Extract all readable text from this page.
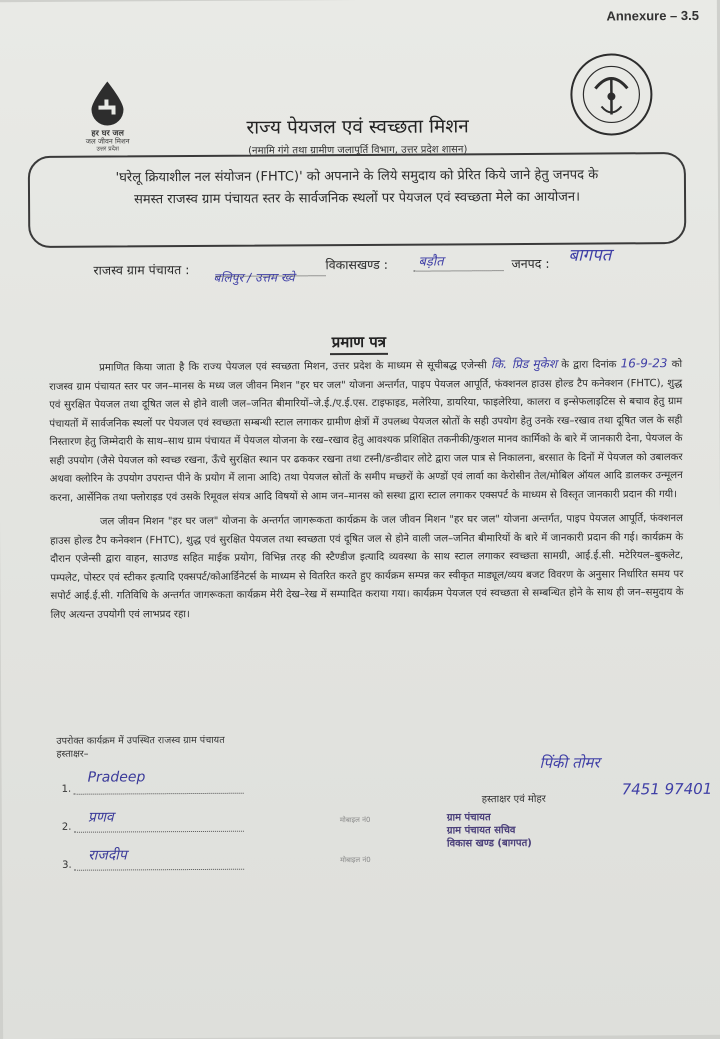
Annexure – 3.5
हर घर जल
जल जीवन मिशन
उत्तर प्रदेश
राज्य पेयजल एवं स्वच्छता मिशन
(नमामि गंगे तथा ग्रामीण जलापूर्ति विभाग, उत्तर प्रदेश शासन)
'घरेलू क्रियाशील नल संयोजन (FHTC)' को अपनाने के लिये समुदाय को प्रेरित किये जाने हेतु जनपद के
समस्त राजस्व ग्राम पंचायत स्तर के सार्वजनिक स्थलों पर पेयजल एवं स्वच्छता मेले का आयोजन।
राजस्व ग्राम पंचायत :
बलिपुर / उत्तम ख्वे
विकासखण्ड : बड़ौत	जनपद : बागपत
प्रमाण पत्र

प्रमाणित किया जाता है कि राज्य पेयजल एवं स्वच्छता मिशन, उत्तर प्रदेश के माध्यम से सूचीबद्ध एजेन्सी कि. प्रिड मुकेश के द्वारा दिनांक 16-9-23 को राजस्व ग्राम पंचायत स्तर पर जन–मानस के मध्य जल जीवन मिशन "हर घर जल" योजना अन्तर्गत, पाइप पेयजल आपूर्ति, फंक्शनल हाउस होल्ड टैप कनेक्शन (FHTC), शुद्ध एवं सुरक्षित पेयजल तथा दूषित जल से होने वाली जल–जनित बीमारियों–जे.ई./ए.ई.एस. टाइफाइड, मलेरिया, डायरिया, फाइलेरिया, कालरा व इन्सेफलाइटिस से बचाव हेतु ग्राम पंचायतों में सार्वजनिक स्थलों पर पेयजल एवं स्वच्छता सम्बन्धी स्टाल लगाकर ग्रामीण क्षेत्रों में उपलब्ध पेयजल स्रोतों के सही उपयोग हेतु उनके रख–रखाव तथा दूषित जल के सही निस्तारण हेतु जिम्मेदारी के साथ–साथ ग्राम पंचायत में पेयजल योजना के रख–रखाव हेतु आवश्यक प्रशिक्षित तकनीकी/कुशल मानव कार्मिको के बारे में जानकारी देना, पेयजल के सही उपयोग (जैसे पेयजल को स्वच्छ रखना, ऊँचे सुरक्षित स्थान पर ढककर रखना तथा टस्नी/डन्डीदार लोटे द्वारा जल पात्र से निकालना, बरसात के दिनों में पेयजल को उबालकर अथवा क्लोरिन के उपयोग उपरान्त पीने के प्रयोग में लाना आदि) तथा पेयजल स्रोतों के समीप मच्छरों के अण्डों एवं लार्वा का केरोसीन तेल/मोबिल ऑयल आदि डालकर उन्मूलन करना, आर्सेनिक तथा फ्लोराइड एवं उसके रिमूवल संयत्र आदि विषयों से आम जन–मानस को सस्था द्वारा स्टाल लगाकर एक्सपर्ट के माध्यम से विस्तृत जानकारी प्रदान की गयी।

जल जीवन मिशन "हर घर जल" योजना के अन्तर्गत जागरूकता कार्यक्रम के जल जीवन मिशन "हर घर जल" योजना अन्तर्गत, पाइप पेयजल आपूर्ति, फंक्शनल हाउस होल्ड टैप कनेक्शन (FHTC), शुद्ध एवं सुरक्षित पेयजल तथा स्वच्छता एवं दूषित जल से होने वाली जल–जनित बीमारियों के बारे में जानकारी प्रदान की गई। कार्यक्रम के दौरान एजेन्सी द्वारा वाहन, साउण्ड सहित माईक प्रयोग, विभिन्न तरह की स्टैण्डीज इत्यादि व्यवस्था के साथ स्टाल लगाकर स्वच्छता सामग्री, आई.ई.सी. मटेरियल–बुकलेट, पम्पलेट, पोस्टर एवं स्टीकर इत्यादि एक्सपर्ट/कोआर्डिनेटर्स के माध्यम से वितरित करते हुए कार्यक्रम सम्पन्न कर स्वीकृत माड्यूल/व्यय बजट विवरण के अनुसार निर्धारित समय पर सपोर्ट आई.ई.सी. गतिविधि के अन्तर्गत जागरूकता कार्यक्रम मेरी देख–रेख में सम्पादित कराया गया। कार्यक्रम पेयजल एवं स्वच्छता से सम्बन्धित होने के साथ ही जन–समुदाय के लिए अत्यन्त उपयोगी एवं लाभप्रद रहा।

उपरोक्त कार्यक्रम में उपस्थित राजस्व ग्राम पंचायत
हस्ताक्षर–
1.
Pradeep
2.
प्रणव
3.
राजदीप
मोबाइल नं0
मोबाइल नं0
पिंकी तोमर
7451 97401
हस्ताक्षर एवं मोहर
ग्राम पंचायत
ग्राम पंचायत सचिव
विकास खण्ड (बागपत)
